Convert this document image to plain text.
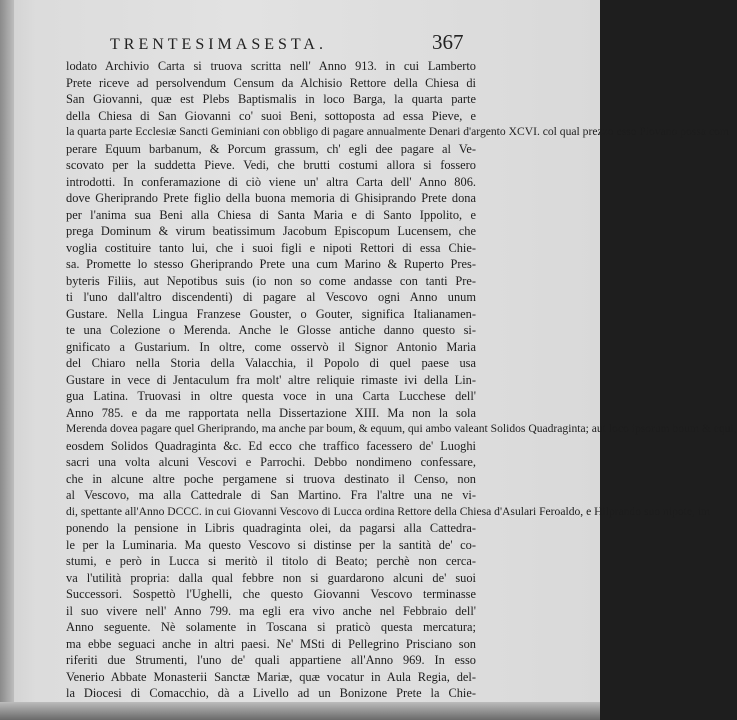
TRENTESIMASESTA.	367
lodato Archivio Carta si truova scritta nell' Anno 913. in cui Lamberto
Prete riceve ad persolvendum Censum da Alchisio Rettore della Chiesa di
San Giovanni, quæ est Plebs Baptismalis in loco Barga, la quarta parte
della Chiesa di San Giovanni co' suoi Beni, sottoposta ad essa Pieve, e
la quarta parte Ecclesiæ Sancti Geminiani con obbligo di pagare annualmente Denari d'argento XCVI. col qual prezzo esso Piovano possa com-
perare Equum barbanum, & Porcum grassum, ch' egli dee pagare al Ve-
scovato per la suddetta Pieve. Vedi, che brutti costumi allora si fossero
introdotti. In conferamazione di ciò viene un' altra Carta dell' Anno 806.
dove Gheriprando Prete figlio della buona memoria di Ghisiprando Prete dona
per l'anima sua Beni alla Chiesa di Santa Maria e di Santo Ippolito, e
prega Dominum & virum beatissimum Jacobum Episcopum Lucensem, che
voglia costituire tanto lui, che i suoi figli e nipoti Rettori di essa Chie-
sa. Promette lo stesso Gheriprando Prete una cum Marino & Ruperto Pres-
byteris Filiis, aut Nepotibus suis (io non so come andasse con tanti Pre-
ti l'uno dall'altro discendenti) di pagare al Vescovo ogni Anno unum
Gustare. Nella Lingua Franzese Gouster, o Gouter, significa Italianamen-
te una Colezione o Merenda. Anche le Glosse antiche danno questo si-
gnificato a Gustarium. In oltre, come osservò il Signor Antonio Maria
del Chiaro nella Storia della Valacchia, il Popolo di quel paese usa
Gustare in vece di Jentaculum fra molt' altre reliquie rimaste ivi della Lin-
gua Latina. Truovasi in oltre questa voce in una Carta Lucchese dell'
Anno 785. e da me rapportata nella Dissertazione XIII. Ma non la sola
Merenda dovea pagare quel Gheriprando, ma anche par boum, & equum, qui ambo valeant Solidos Quadraginta; aut loco ipsorum boum & equi,
eosdem Solidos Quadraginta &c. Ed ecco che traffico facessero de' Luoghi
sacri una volta alcuni Vescovi e Parrochi. Debbo nondimeno confessare,
che in alcune altre poche pergamene si truova destinato il Censo, non
al Vescovo, ma alla Cattedrale di San Martino. Fra l'altre una ne vi-
di, spettante all'Anno DCCC. in cui Giovanni Vescovo di Lucca ordina Rettore della Chiesa d'Asulari Feroaldo, e Hilprando suo nipote, im-
ponendo la pensione in Libris quadraginta olei, da pagarsi alla Cattedra-
le per la Luminaria. Ma questo Vescovo si distinse per la santità de' co-
stumi, e però in Lucca si meritò il titolo di Beato; perchè non cerca-
va l'utilità propria: dalla qual febbre non si guardarono alcuni de' suoi
Successori. Sospettò l'Ughelli, che questo Giovanni Vescovo terminasse
il suo vivere nell' Anno 799. ma egli era vivo anche nel Febbraio dell'
Anno seguente. Nè solamente in Toscana si praticò questa mercatura;
ma ebbe seguaci anche in altri paesi. Ne' MSti di Pellegrino Prisciano son
riferiti due Strumenti, l'uno de' quali appartiene all'Anno 969. In esso
Venerio Abbate Monasterii Sanctæ Mariæ, quæ vocatur in Aula Regia, del-
la Diocesi di Comacchio, dà a Livello ad un Bonizone Prete la Chie-
